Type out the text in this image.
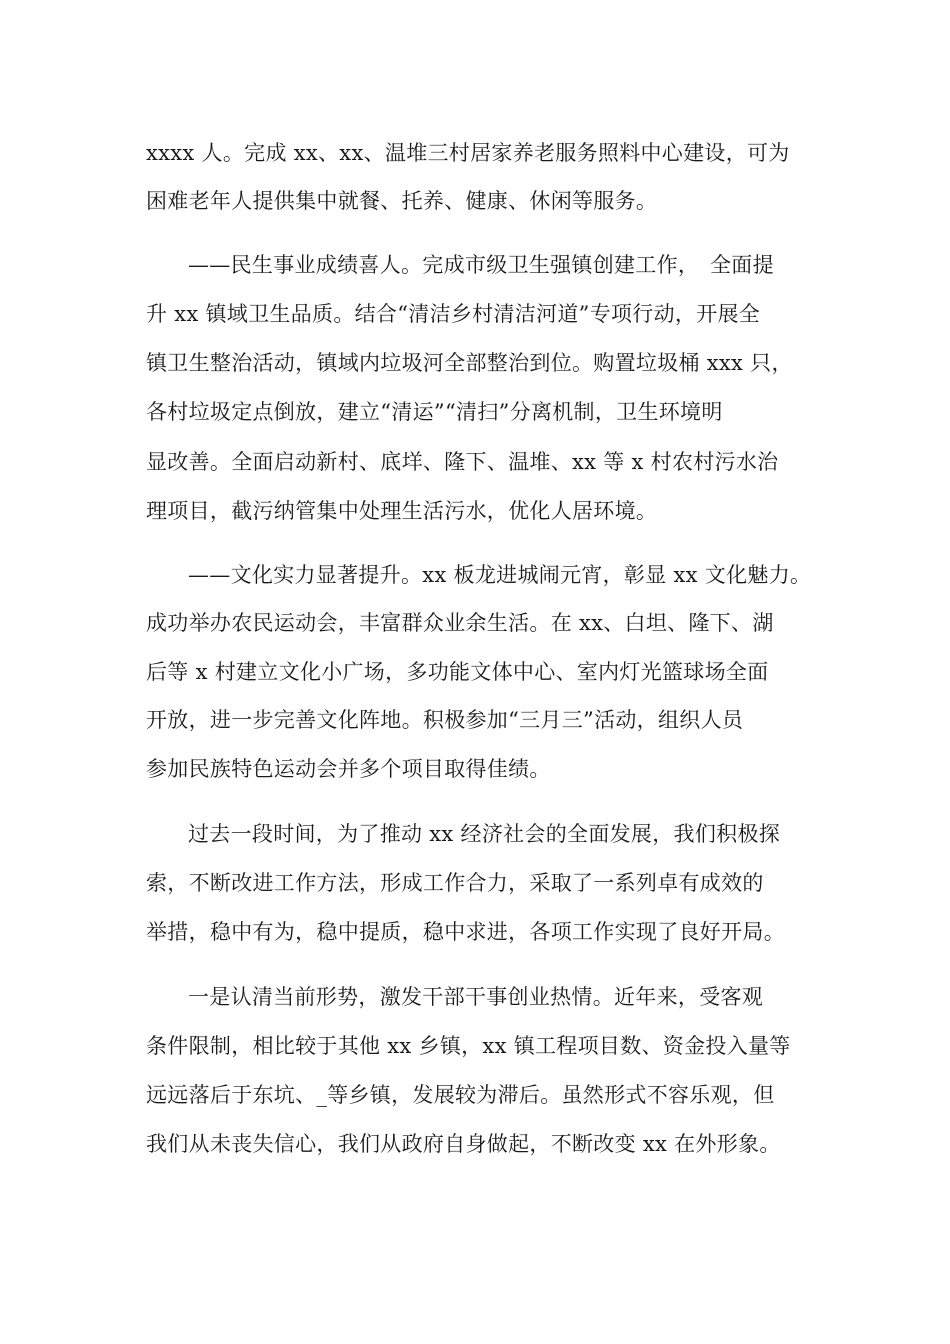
xxxx 人。完成 xx、xx、温堆三村居家养老服务照料中心建设，可为
困难老年人提供集中就餐、托养、健康、休闲等服务。
——民生事业成绩喜人。完成市级卫生强镇创建工作，　全面提
升 xx 镇域卫生品质。结合“清洁乡村清洁河道”专项行动，开展全
镇卫生整治活动，镇域内垃圾河全部整治到位。购置垃圾桶 xxx 只，
各村垃圾定点倒放，建立“清运”“清扫”分离机制，卫生环境明
显改善。全面启动新村、底垟、隆下、温堆、xx 等 x 村农村污水治
理项目，截污纳管集中处理生活污水，优化人居环境。
——文化实力显著提升。xx 板龙进城闹元宵，彰显 xx 文化魅力。
成功举办农民运动会，丰富群众业余生活。在 xx、白坦、隆下、湖
后等 x 村建立文化小广场，多功能文体中心、室内灯光篮球场全面
开放，进一步完善文化阵地。积极参加“三月三”活动，组织人员
参加民族特色运动会并多个项目取得佳绩。
过去一段时间，为了推动 xx 经济社会的全面发展，我们积极探
索，不断改进工作方法，形成工作合力，采取了一系列卓有成效的
举措，稳中有为，稳中提质，稳中求进，各项工作实现了良好开局。
一是认清当前形势，激发干部干事创业热情。近年来，受客观
条件限制，相比较于其他 xx 乡镇，xx 镇工程项目数、资金投入量等
远远落后于东坑、_等乡镇，发展较为滞后。虽然形式不容乐观，但
我们从未丧失信心，我们从政府自身做起，不断改变 xx 在外形象。
